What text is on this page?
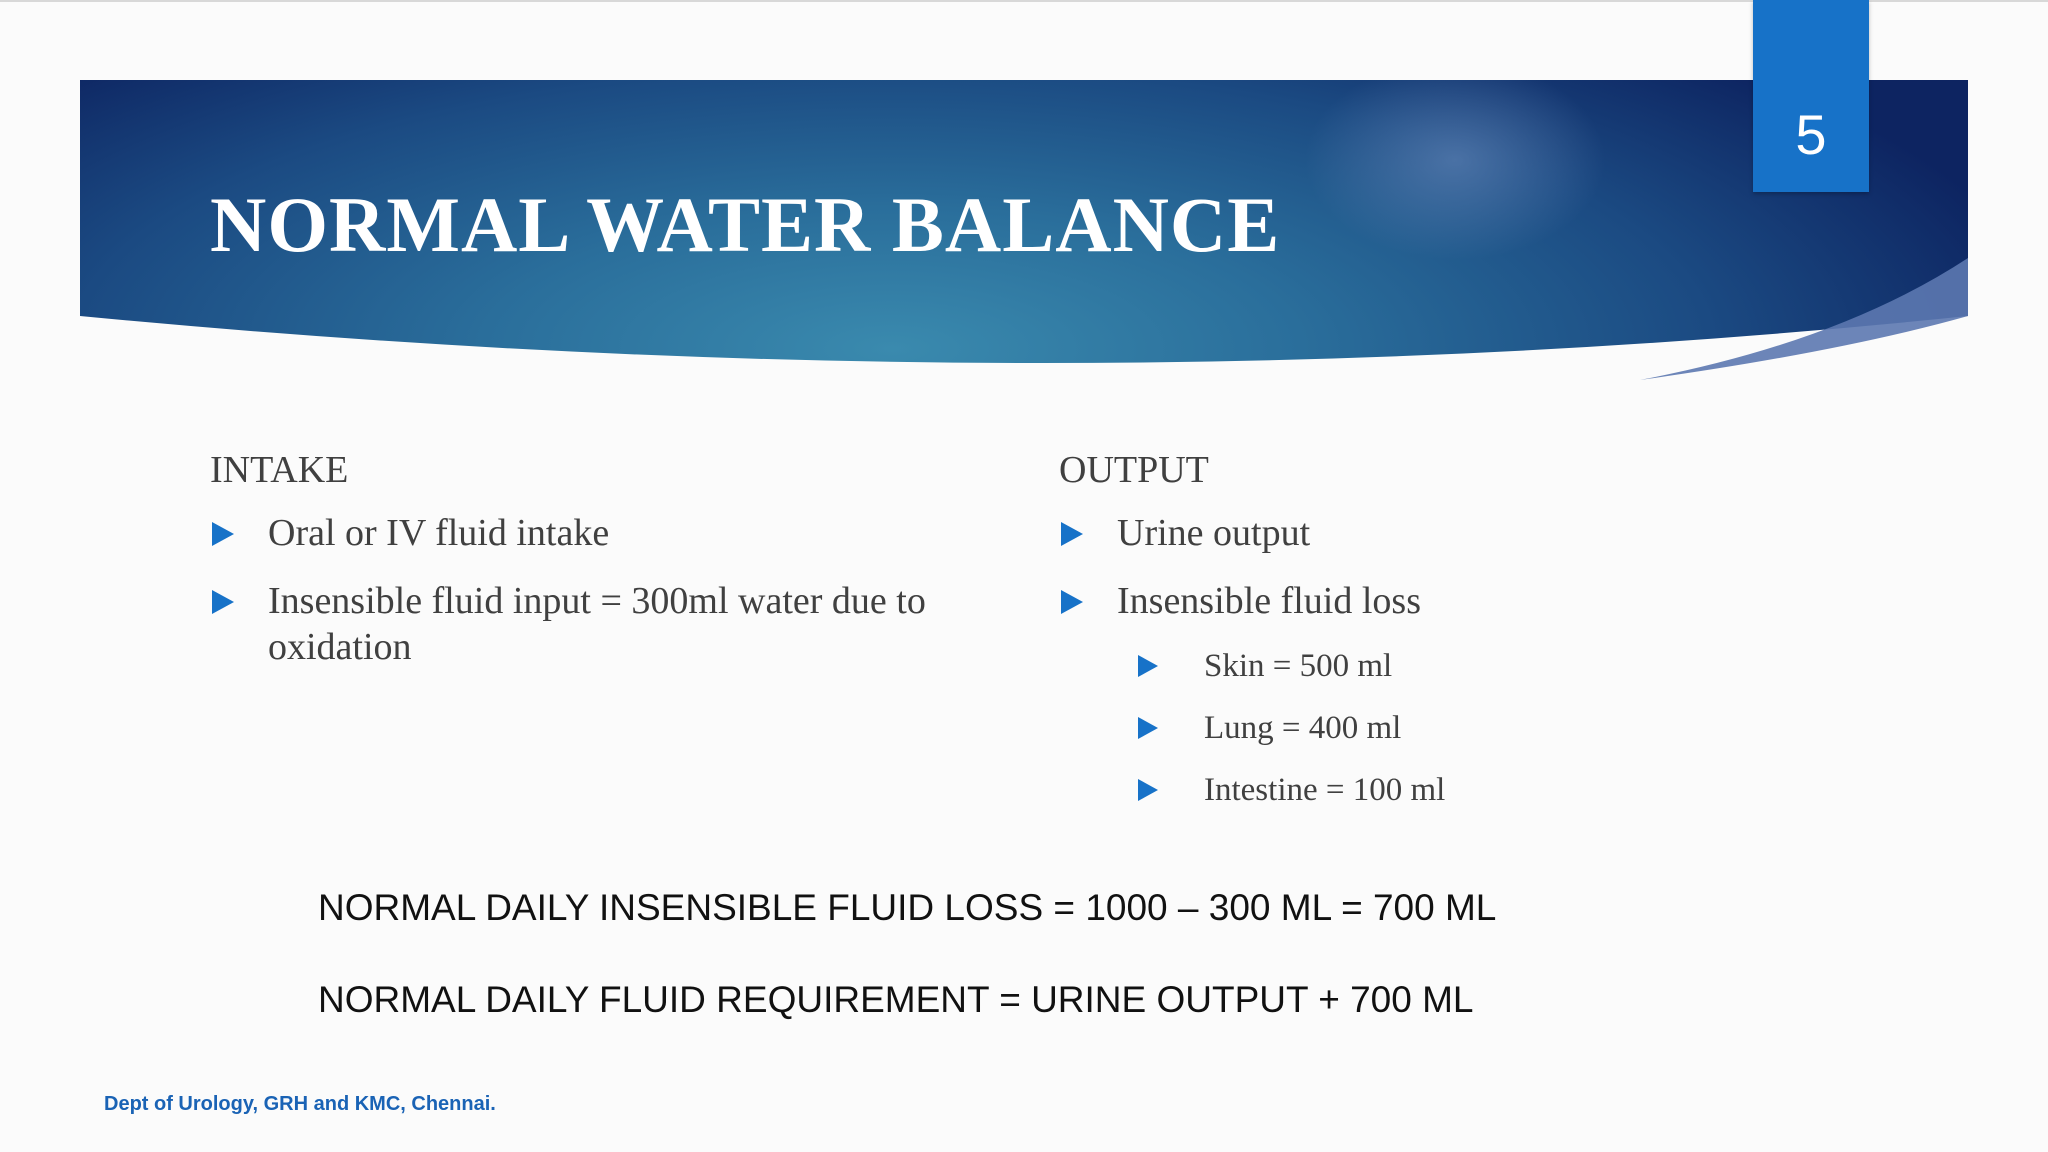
NORMAL WATER BALANCE
5
INTAKE
Oral or IV fluid intake
Insensible fluid input = 300ml water due to oxidation
OUTPUT
Urine output
Insensible fluid loss
Skin = 500 ml
Lung = 400 ml
Intestine = 100 ml

NORMAL DAILY INSENSIBLE FLUID LOSS = 1000 – 300 ML = 700 ML

NORMAL DAILY FLUID REQUIREMENT = URINE OUTPUT + 700 ML

Dept of Urology, GRH and KMC, Chennai.
